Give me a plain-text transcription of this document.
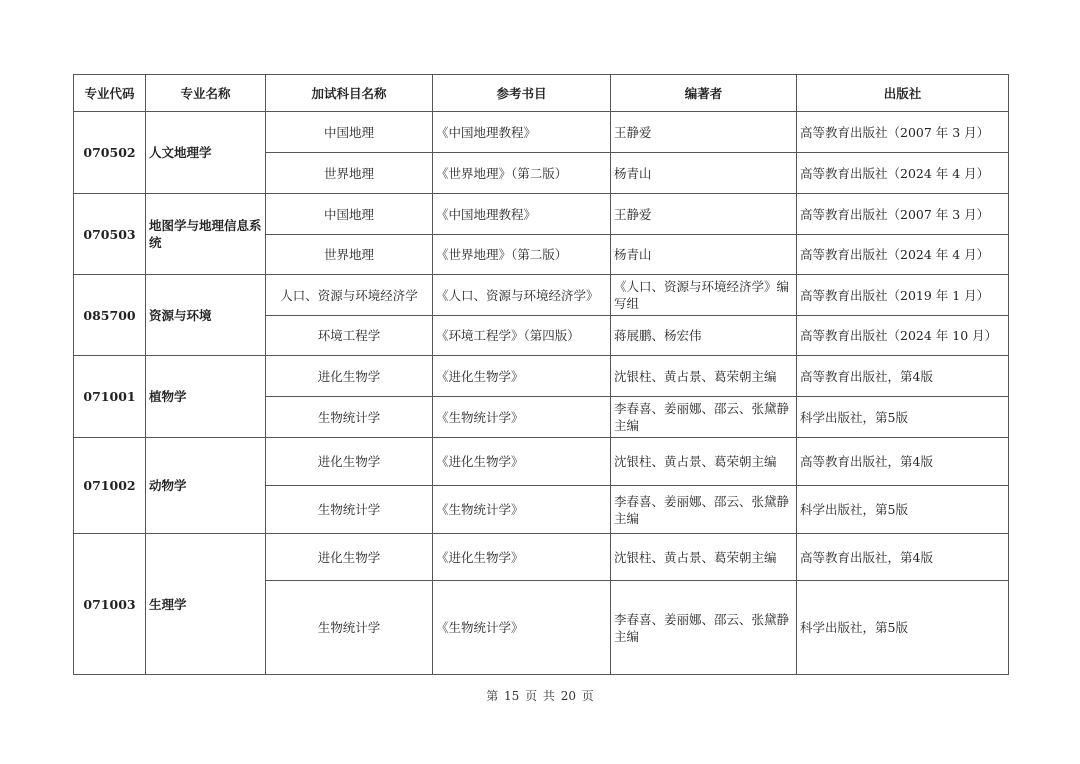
专业代码	专业名称	加试科目名称	参考书目	编著者	出版社
070502	人文地理学	中国地理	《中国地理教程》	王静爱	高等教育出版社（2007 年 3 月）
		世界地理	《世界地理》（第二版）	杨青山	高等教育出版社（2024 年 4 月）
070503	地图学与地理信息系统	中国地理	《中国地理教程》	王静爱	高等教育出版社（2007 年 3 月）
		世界地理	《世界地理》（第二版）	杨青山	高等教育出版社（2024 年 4 月）
085700	资源与环境	人口、资源与环境经济学	《人口、资源与环境经济学》	《人口、资源与环境经济学》编写组	高等教育出版社（2019 年 1 月）
		环境工程学	《环境工程学》（第四版）	蒋展鹏、杨宏伟	高等教育出版社（2024 年 10 月）
071001	植物学	进化生物学	《进化生物学》	沈银柱、黄占景、葛荣朝主编	高等教育出版社，第4版
		生物统计学	《生物统计学》	李春喜、姜丽娜、邵云、张黛静主编	科学出版社，第5版
071002	动物学	进化生物学	《进化生物学》	沈银柱、黄占景、葛荣朝主编	高等教育出版社，第4版
		生物统计学	《生物统计学》	李春喜、姜丽娜、邵云、张黛静主编	科学出版社，第5版
071003	生理学	进化生物学	《进化生物学》	沈银柱、黄占景、葛荣朝主编	高等教育出版社，第4版
		生物统计学	《生物统计学》	李春喜、姜丽娜、邵云、张黛静主编	科学出版社，第5版
第 15 页 共 20 页
